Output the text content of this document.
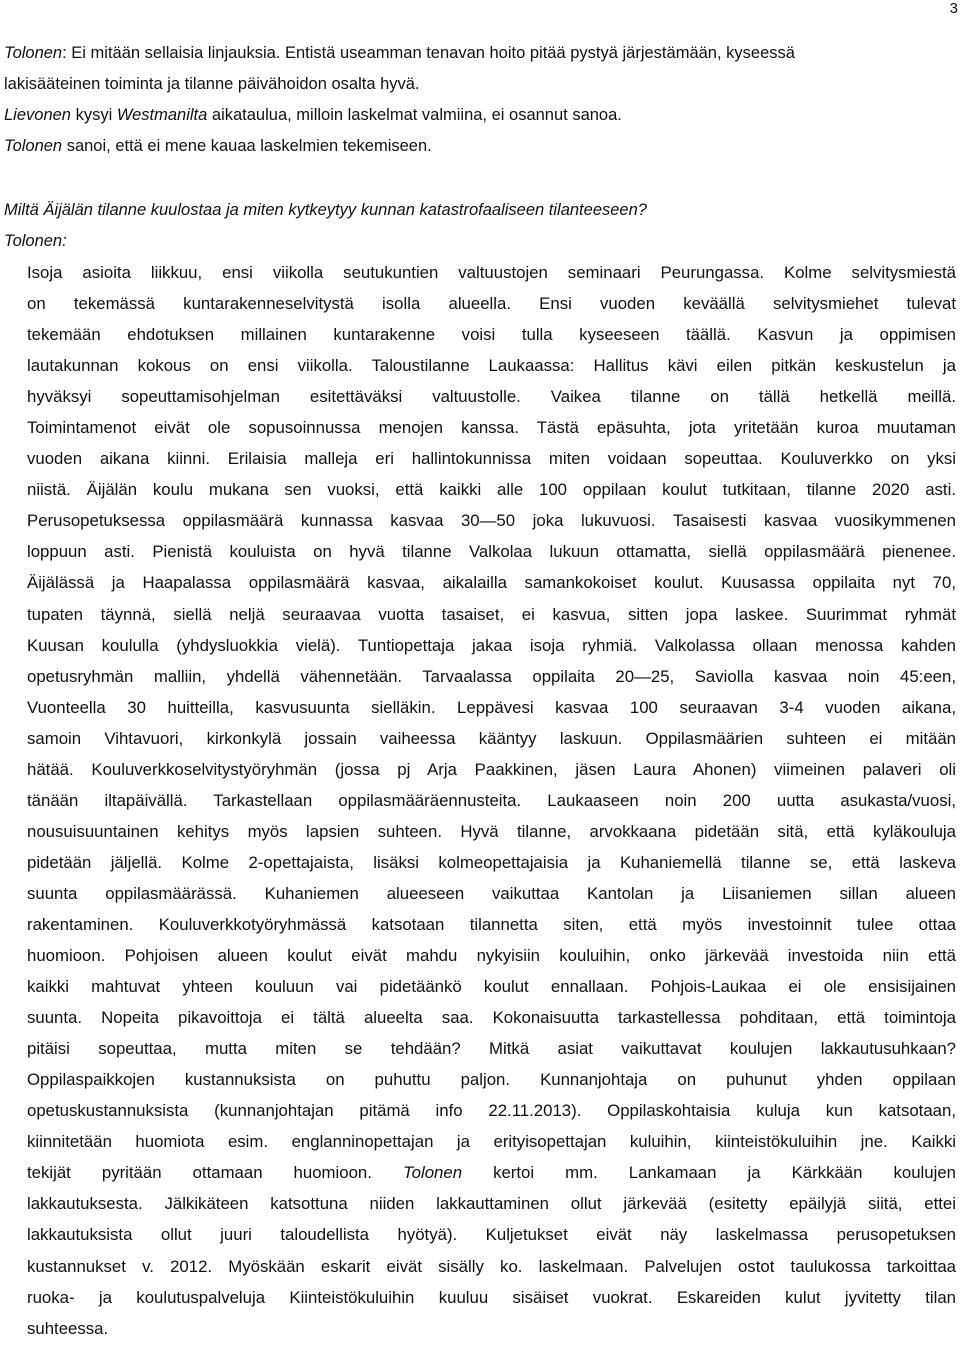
3
Tolonen: Ei mitään sellaisia linjauksia. Entistä useamman tenavan hoito pitää pystyä järjestämään, kyseessä
lakisääteinen toiminta ja tilanne päivähoidon osalta hyvä.
Lievonen kysyi Westmanilta aikataulua, milloin laskelmat valmiina, ei osannut sanoa.
Tolonen sanoi, että ei mene kauaa laskelmien tekemiseen.
Miltä Äijälän tilanne kuulostaa ja miten kytkeytyy kunnan katastrofaaliseen tilanteeseen?
Tolonen:
Isoja asioita liikkuu, ensi viikolla seutukuntien valtuustojen seminaari Peurungassa. Kolme selvitysmiestä
on tekemässä kuntarakenneselvitystä isolla alueella. Ensi vuoden keväällä selvitysmiehet tulevat
tekemään ehdotuksen millainen kuntarakenne voisi tulla kyseeseen täällä. Kasvun ja oppimisen
lautakunnan kokous on ensi viikolla. Taloustilanne Laukaassa: Hallitus kävi eilen pitkän keskustelun ja
hyväksyi sopeuttamisohjelman esitettäväksi valtuustolle. Vaikea tilanne on tällä hetkellä meillä.
Toimintamenot eivät ole sopusoinnussa menojen kanssa. Tästä epäsuhta, jota yritetään kuroa muutaman
vuoden aikana kiinni. Erilaisia malleja eri hallintokunnissa miten voidaan sopeuttaa. Kouluverkko on yksi
niistä. Äijälän koulu mukana sen vuoksi, että kaikki alle 100 oppilaan koulut tutkitaan, tilanne 2020 asti.
Perusopetuksessa oppilasmäärä kunnassa kasvaa 30—50 joka lukuvuosi. Tasaisesti kasvaa vuosikymmenen
loppuun asti. Pienistä kouluista on hyvä tilanne Valkolaa lukuun ottamatta, siellä oppilasmäärä pienenee.
Äijälässä ja Haapalassa oppilasmäärä kasvaa, aikalailla samankokoiset koulut. Kuusassa oppilaita nyt 70,
tupaten täynnä, siellä neljä seuraavaa vuotta tasaiset, ei kasvua, sitten jopa laskee. Suurimmat ryhmät
Kuusan koululla (yhdysluokkia vielä). Tuntiopettaja jakaa isoja ryhmiä. Valkolassa ollaan menossa kahden
opetusryhmän malliin, yhdellä vähennetään. Tarvaalassa oppilaita 20—25, Saviolla kasvaa noin 45:een,
Vuonteella 30 huitteilla, kasvusuunta sielläkin. Leppävesi kasvaa 100 seuraavan 3-4 vuoden aikana,
samoin Vihtavuori, kirkonkylä jossain vaiheessa kääntyy laskuun. Oppilasmäärien suhteen ei mitään
hätää. Kouluverkkoselvitystyöryhmän (jossa pj Arja Paakkinen, jäsen Laura Ahonen) viimeinen palaveri oli
tänään iltapäivällä. Tarkastellaan oppilasmääräennusteita. Laukaaseen noin 200 uutta asukasta/vuosi,
nousuisuuntainen kehitys myös lapsien suhteen. Hyvä tilanne, arvokkaana pidetään sitä, että kyläkouluja
pidetään jäljellä. Kolme 2-opettajaista, lisäksi kolmeopettajaisia ja Kuhaniemellä tilanne se, että laskeva
suunta oppilasmäärässä. Kuhaniemen alueeseen vaikuttaa Kantolan ja Liisaniemen sillan alueen
rakentaminen. Kouluverkkotyöryhmässä katsotaan tilannetta siten, että myös investoinnit tulee ottaa
huomioon. Pohjoisen alueen koulut eivät mahdu nykyisiin kouluihin, onko järkevää investoida niin että
kaikki mahtuvat yhteen kouluun vai pidetäänkö koulut ennallaan. Pohjois-Laukaa ei ole ensisijainen
suunta. Nopeita pikavoittoja ei tältä alueelta saa. Kokonaisuutta tarkastellessa pohditaan, että toimintoja
pitäisi sopeuttaa, mutta miten se tehdään? Mitkä asiat vaikuttavat koulujen lakkautusuhkaan?
Oppilaspaikkojen kustannuksista on puhuttu paljon. Kunnanjohtaja on puhunut yhden oppilaan
opetuskustannuksista (kunnanjohtajan pitämä info 22.11.2013). Oppilaskohtaisia kuluja kun katsotaan,
kiinnitetään huomiota esim. englanninopettajan ja erityisopettajan kuluihin, kiinteistökuluihin jne. Kaikki
tekijät pyritään ottamaan huomioon. Tolonen kertoi mm. Lankamaan ja Kärkkään koulujen
lakkautuksesta. Jälkikäteen katsottuna niiden lakkauttaminen ollut järkevää (esitetty epäilyjä siitä, ettei
lakkautuksista ollut juuri taloudellista hyötyä). Kuljetukset eivät näy laskelmassa perusopetuksen
kustannukset v. 2012. Myöskään eskarit eivät sisälly ko. laskelmaan. Palvelujen ostot taulukossa tarkoittaa
ruoka- ja koulutuspalveluja Kiinteistökuluihin kuuluu sisäiset vuokrat. Eskareiden kulut jyvitetty tilan
suhteessa.
